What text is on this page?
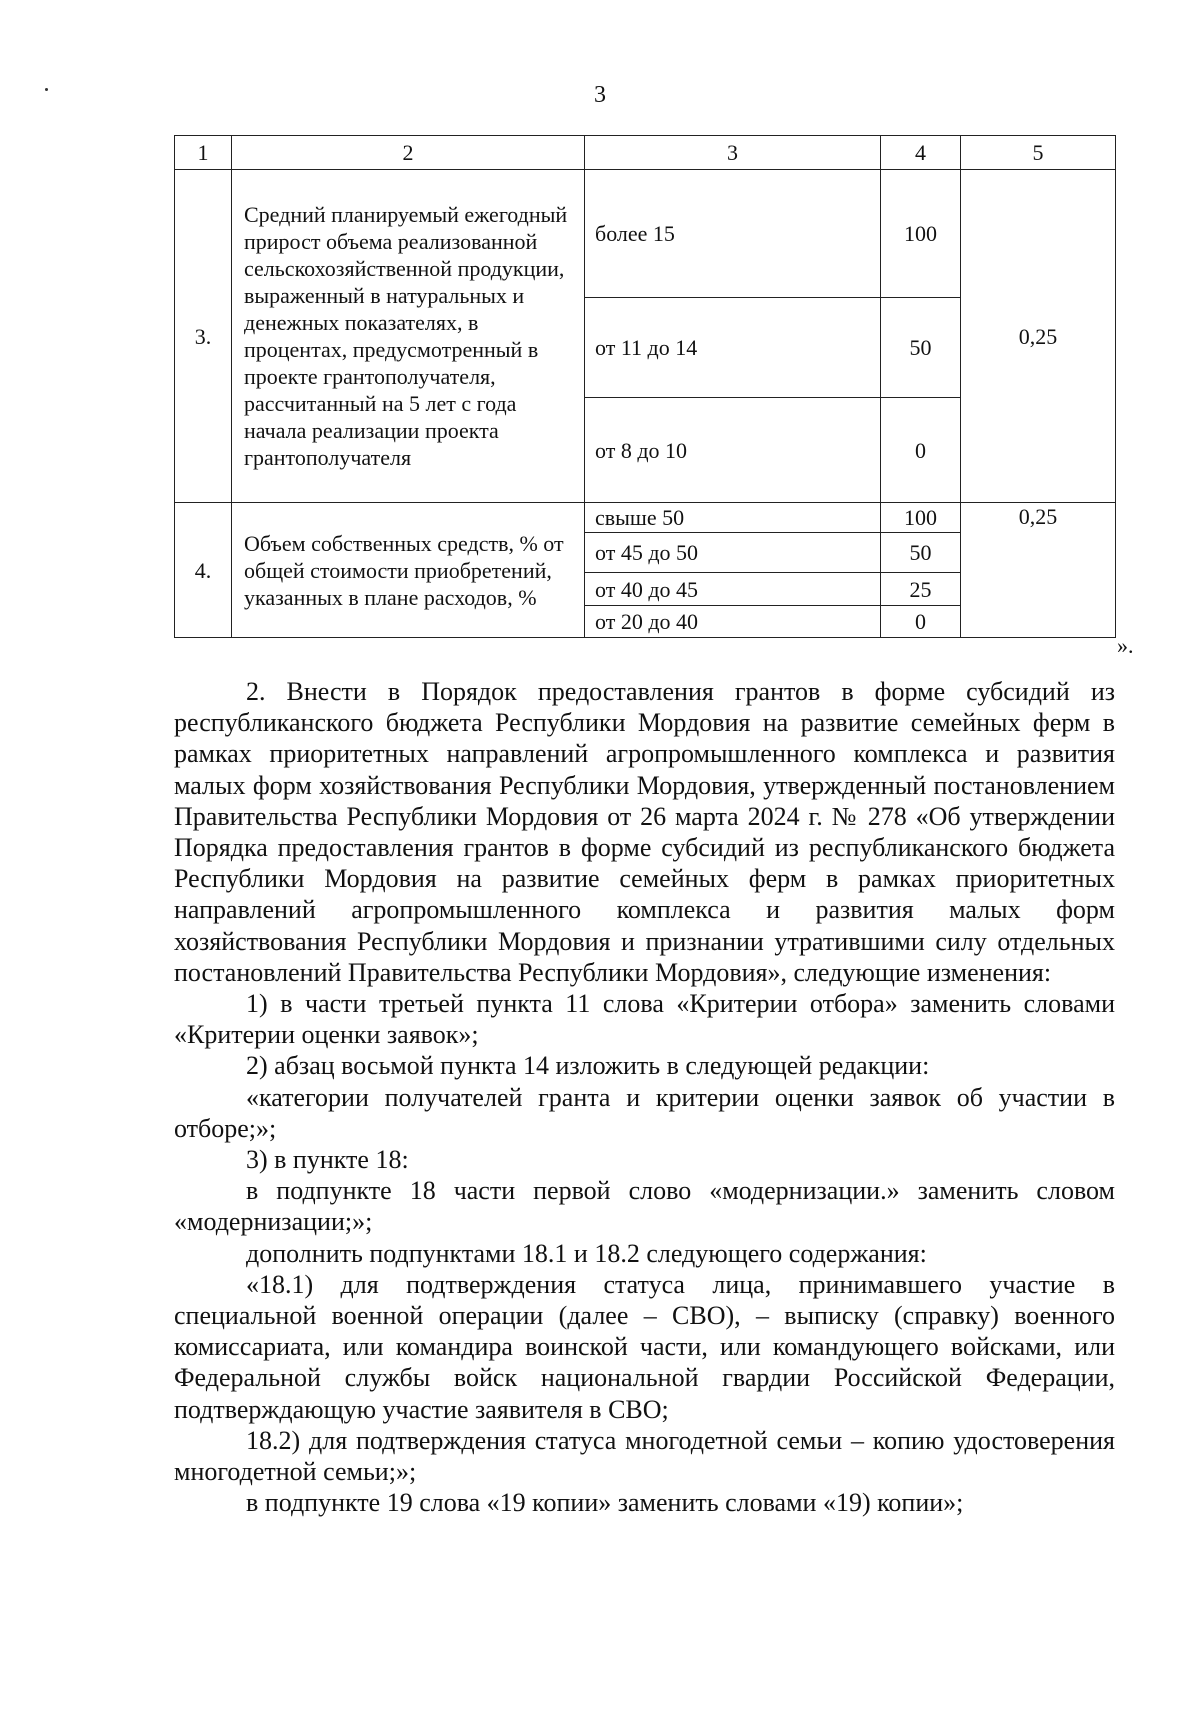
3
1	2	3	4	5
3.	Средний планируемый ежегодный прирост объема реализованной сельскохозяйственной продукции, выраженный в натуральных и денежных показателях, в процентах, предусмотренный в проекте грантополучателя, рассчитанный на 5 лет с года начала реализации проекта грантополучателя	более 15	100	0,25
		от 11 до 14	50	
		от 8 до 10	0	
4.	Объем собственных средств, % от общей стоимости приобретений, указанных в плане расходов, %	свыше 50	100	0,25
		от 45 до 50	50	
		от 40 до 45	25	
		от 20 до 40	0	
».

2. Внести в Порядок предоставления грантов в форме субсидий из республиканского бюджета Республики Мордовия на развитие семейных ферм в рамках приоритетных направлений агропромышленного комплекса и развития малых форм хозяйствования Республики Мордовия, утвержденный постановлением Правительства Республики Мордовия от 26 марта 2024 г. № 278 «Об утверждении Порядка предоставления грантов в форме субсидий из республиканского бюджета Республики Мордовия на развитие семейных ферм в рамках приоритетных направлений агропромышленного комплекса и развития малых форм хозяйствования Республики Мордовия и признании утратившими силу отдельных постановлений Правительства Республики Мордовия», следующие изменения:

1) в части третьей пункта 11 слова «Критерии отбора» заменить словами «Критерии оценки заявок»;

2) абзац восьмой пункта 14 изложить в следующей редакции:

«категории получателей гранта и критерии оценки заявок об участии в отборе;»;

3) в пункте 18:

в подпункте 18 части первой слово «модернизации.» заменить словом «модернизации;»;

дополнить подпунктами 18.1 и 18.2 следующего содержания:

«18.1) для подтверждения статуса лица, принимавшего участие в специальной военной операции (далее – СВО), – выписку (справку) военного комиссариата, или командира воинской части, или командующего войсками, или Федеральной службы войск национальной гвардии Российской Федерации, подтверждающую участие заявителя в СВО;

18.2) для подтверждения статуса многодетной семьи – копию удостоверения многодетной семьи;»;

в подпункте 19 слова «19 копии» заменить словами «19) копии»;
